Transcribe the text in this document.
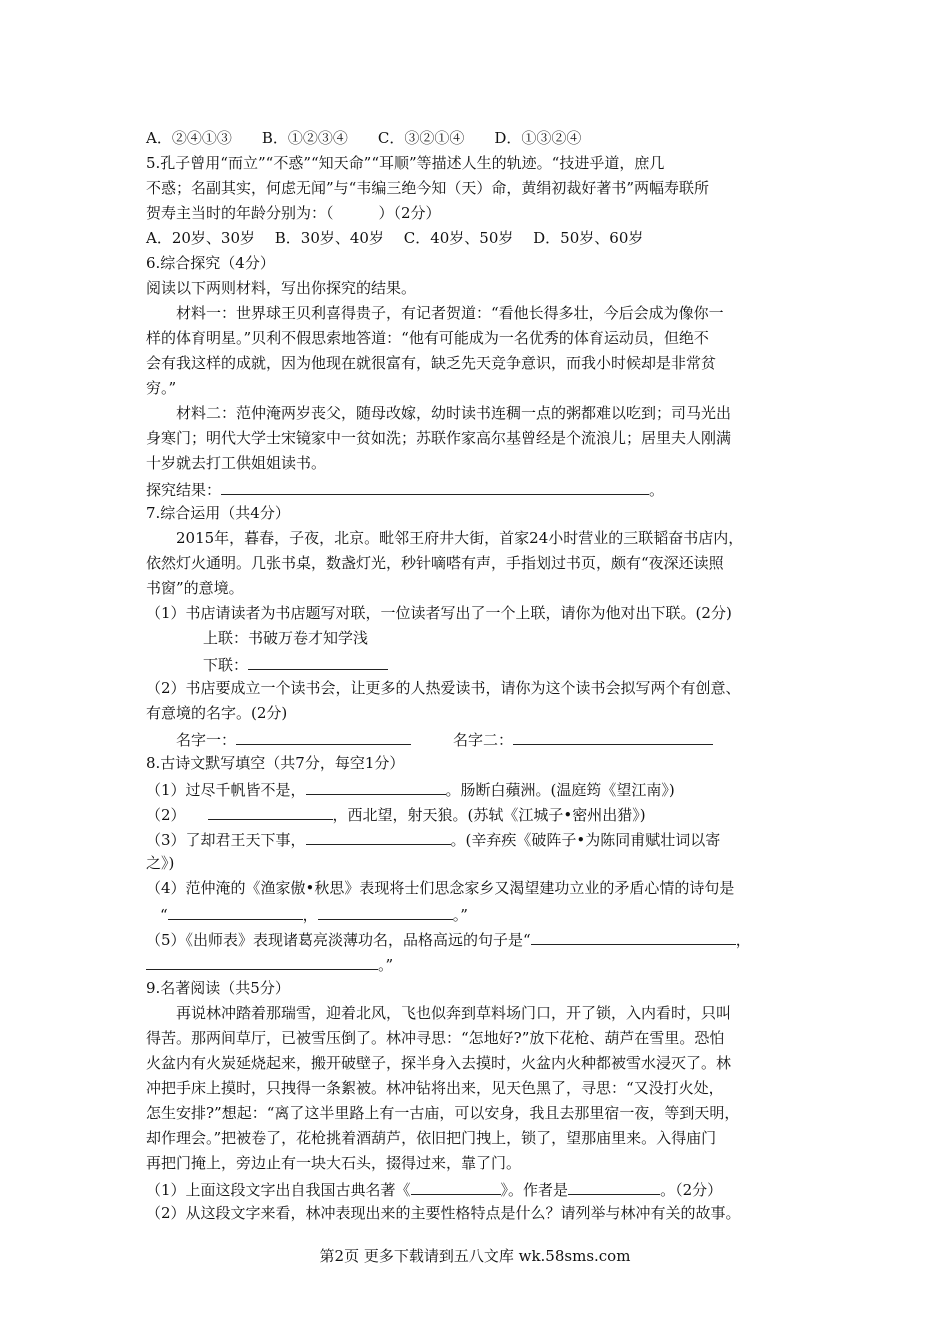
A．②④①③　　B．①②③④　　C．③②①④　　D．①③②④
5.孔子曾用“而立”“不惑”“知天命”“耳顺”等描述人生的轨迹。“技进乎道，庶几
不惑；名副其实，何虑无闻”与“韦编三绝今知（天）命，黄绢初裁好著书”两幅寿联所
贺寿主当时的年龄分别为：（　　　）（2分）
A．20岁、30岁　 B．30岁、40岁　 C．40岁、50岁　 D．50岁、60岁
6.综合探究（4分）
阅读以下两则材料，写出你探究的结果。
材料一：世界球王贝利喜得贵子，有记者贺道：“看他长得多壮，今后会成为像你一
样的体育明星。”贝利不假思索地答道：“他有可能成为一名优秀的体育运动员，但绝不
会有我这样的成就，因为他现在就很富有，缺乏先天竞争意识，而我小时候却是非常贫
穷。”
材料二：范仲淹两岁丧父，随母改嫁，幼时读书连稠一点的粥都难以吃到；司马光出
身寒门；明代大学士宋镜家中一贫如洗；苏联作家高尔基曾经是个流浪儿；居里夫人刚满
十岁就去打工供姐姐读书。
探究结果：	。
7.综合运用（共4分）
2015年，暮春，子夜，北京。毗邻王府井大街，首家24小时营业的三联韬奋书店内，
依然灯火通明。几张书桌，数盏灯光，秒针嘀嗒有声，手指划过书页，颇有“夜深还读照
书窗”的意境。
（1）书店请读者为书店题写对联，一位读者写出了一个上联，请你为他对出下联。(2分)
上联：书破万卷才知学浅
下联：
（2）书店要成立一个读书会，让更多的人热爱读书，请你为这个读书会拟写两个有创意、
有意境的名字。(2分)
名字一：	名字二：
8.古诗文默写填空（共7分，每空1分）
（1）过尽千帆皆不是，	。肠断白蘋洲。(温庭筠《望江南》)
（2）	，西北望，射天狼。(苏轼《江城子•密州出猎》)
（3）了却君王天下事，	。(辛弃疾《破阵子•为陈同甫赋壮词以寄
之》)
（4）范仲淹的《渔家傲•秋思》表现将士们思念家乡又渴望建功立业的矛盾心情的诗句是
“	，	。”
（5）《出师表》表现诸葛亮淡薄功名，品格高远的句子是“	，
。”
9.名著阅读（共5分）
再说林冲踏着那瑞雪，迎着北风，飞也似奔到草料场门口，开了锁，入内看时，只叫
得苦。那两间草厅，已被雪压倒了。林冲寻思：“怎地好?”放下花枪、葫芦在雪里。恐怕
火盆内有火炭延烧起来，搬开破壁子，探半身入去摸时，火盆内火种都被雪水浸灭了。林
冲把手床上摸时，只拽得一条絮被。林冲钻将出来，见天色黑了，寻思：“又没打火处，
怎生安排?”想起：“离了这半里路上有一古庙，可以安身，我且去那里宿一夜，等到天明，
却作理会。”把被卷了，花枪挑着酒葫芦，依旧把门拽上，锁了，望那庙里来。入得庙门
再把门掩上，旁边止有一块大石头，掇得过来，靠了门。
（1）上面这段文字出自我国古典名著《	》。作者是	。（2分）
（2）从这段文字来看，林冲表现出来的主要性格特点是什么？请列举与林冲有关的故事。
第2页 更多下载请到五八文库 wk.58sms.com
